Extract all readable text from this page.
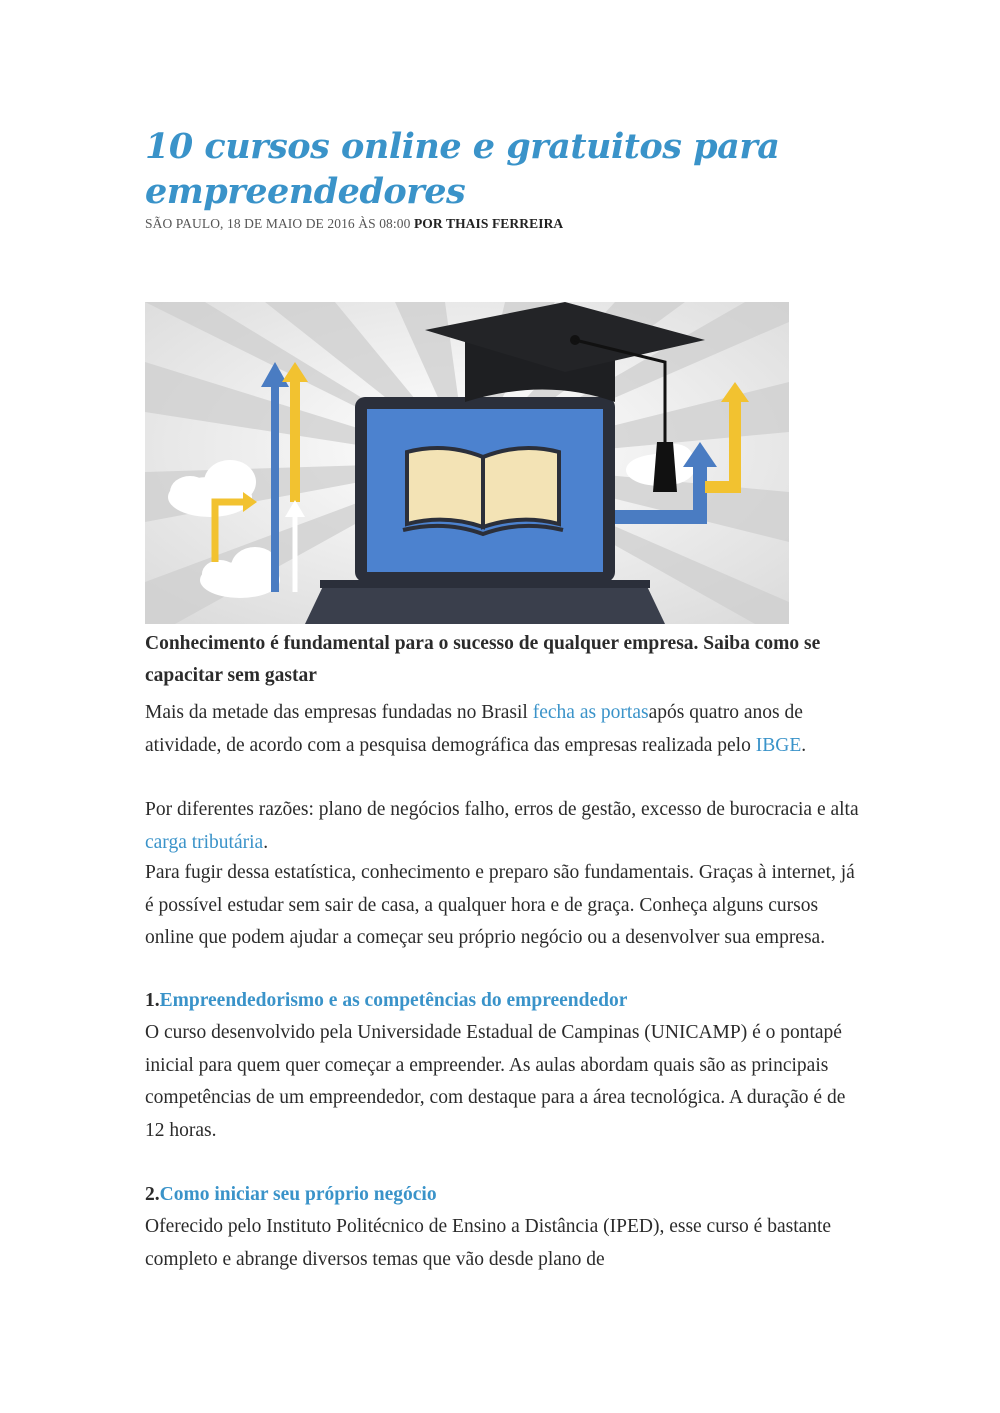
10 cursos online e gratuitos para empreendedores

SÃO PAULO, 18 DE MAIO DE 2016 ÀS 08:00 POR THAIS FERREIRA

Conhecimento é fundamental para o sucesso de qualquer empresa. Saiba como se capacitar sem gastar

Mais da metade das empresas fundadas no Brasil fecha as portasapós quatro anos de atividade, de acordo com a pesquisa demográfica das empresas realizada pelo IBGE.

Por diferentes razões: plano de negócios falho, erros de gestão, excesso de burocracia e alta carga tributária.

Para fugir dessa estatística, conhecimento e preparo são fundamentais. Graças à internet, já é possível estudar sem sair de casa, a qualquer hora e de graça. Conheça alguns cursos online que podem ajudar a começar seu próprio negócio ou a desenvolver sua empresa.

1.Empreendedorismo e as competências do empreendedor

O curso desenvolvido pela Universidade Estadual de Campinas (UNICAMP) é o pontapé inicial para quem quer começar a empreender. As aulas abordam quais são as principais competências de um empreendedor, com destaque para a área tecnológica. A duração é de 12 horas.

2.Como iniciar seu próprio negócio

Oferecido pelo Instituto Politécnico de Ensino a Distância (IPED), esse curso é bastante completo e abrange diversos temas que vão desde plano de
